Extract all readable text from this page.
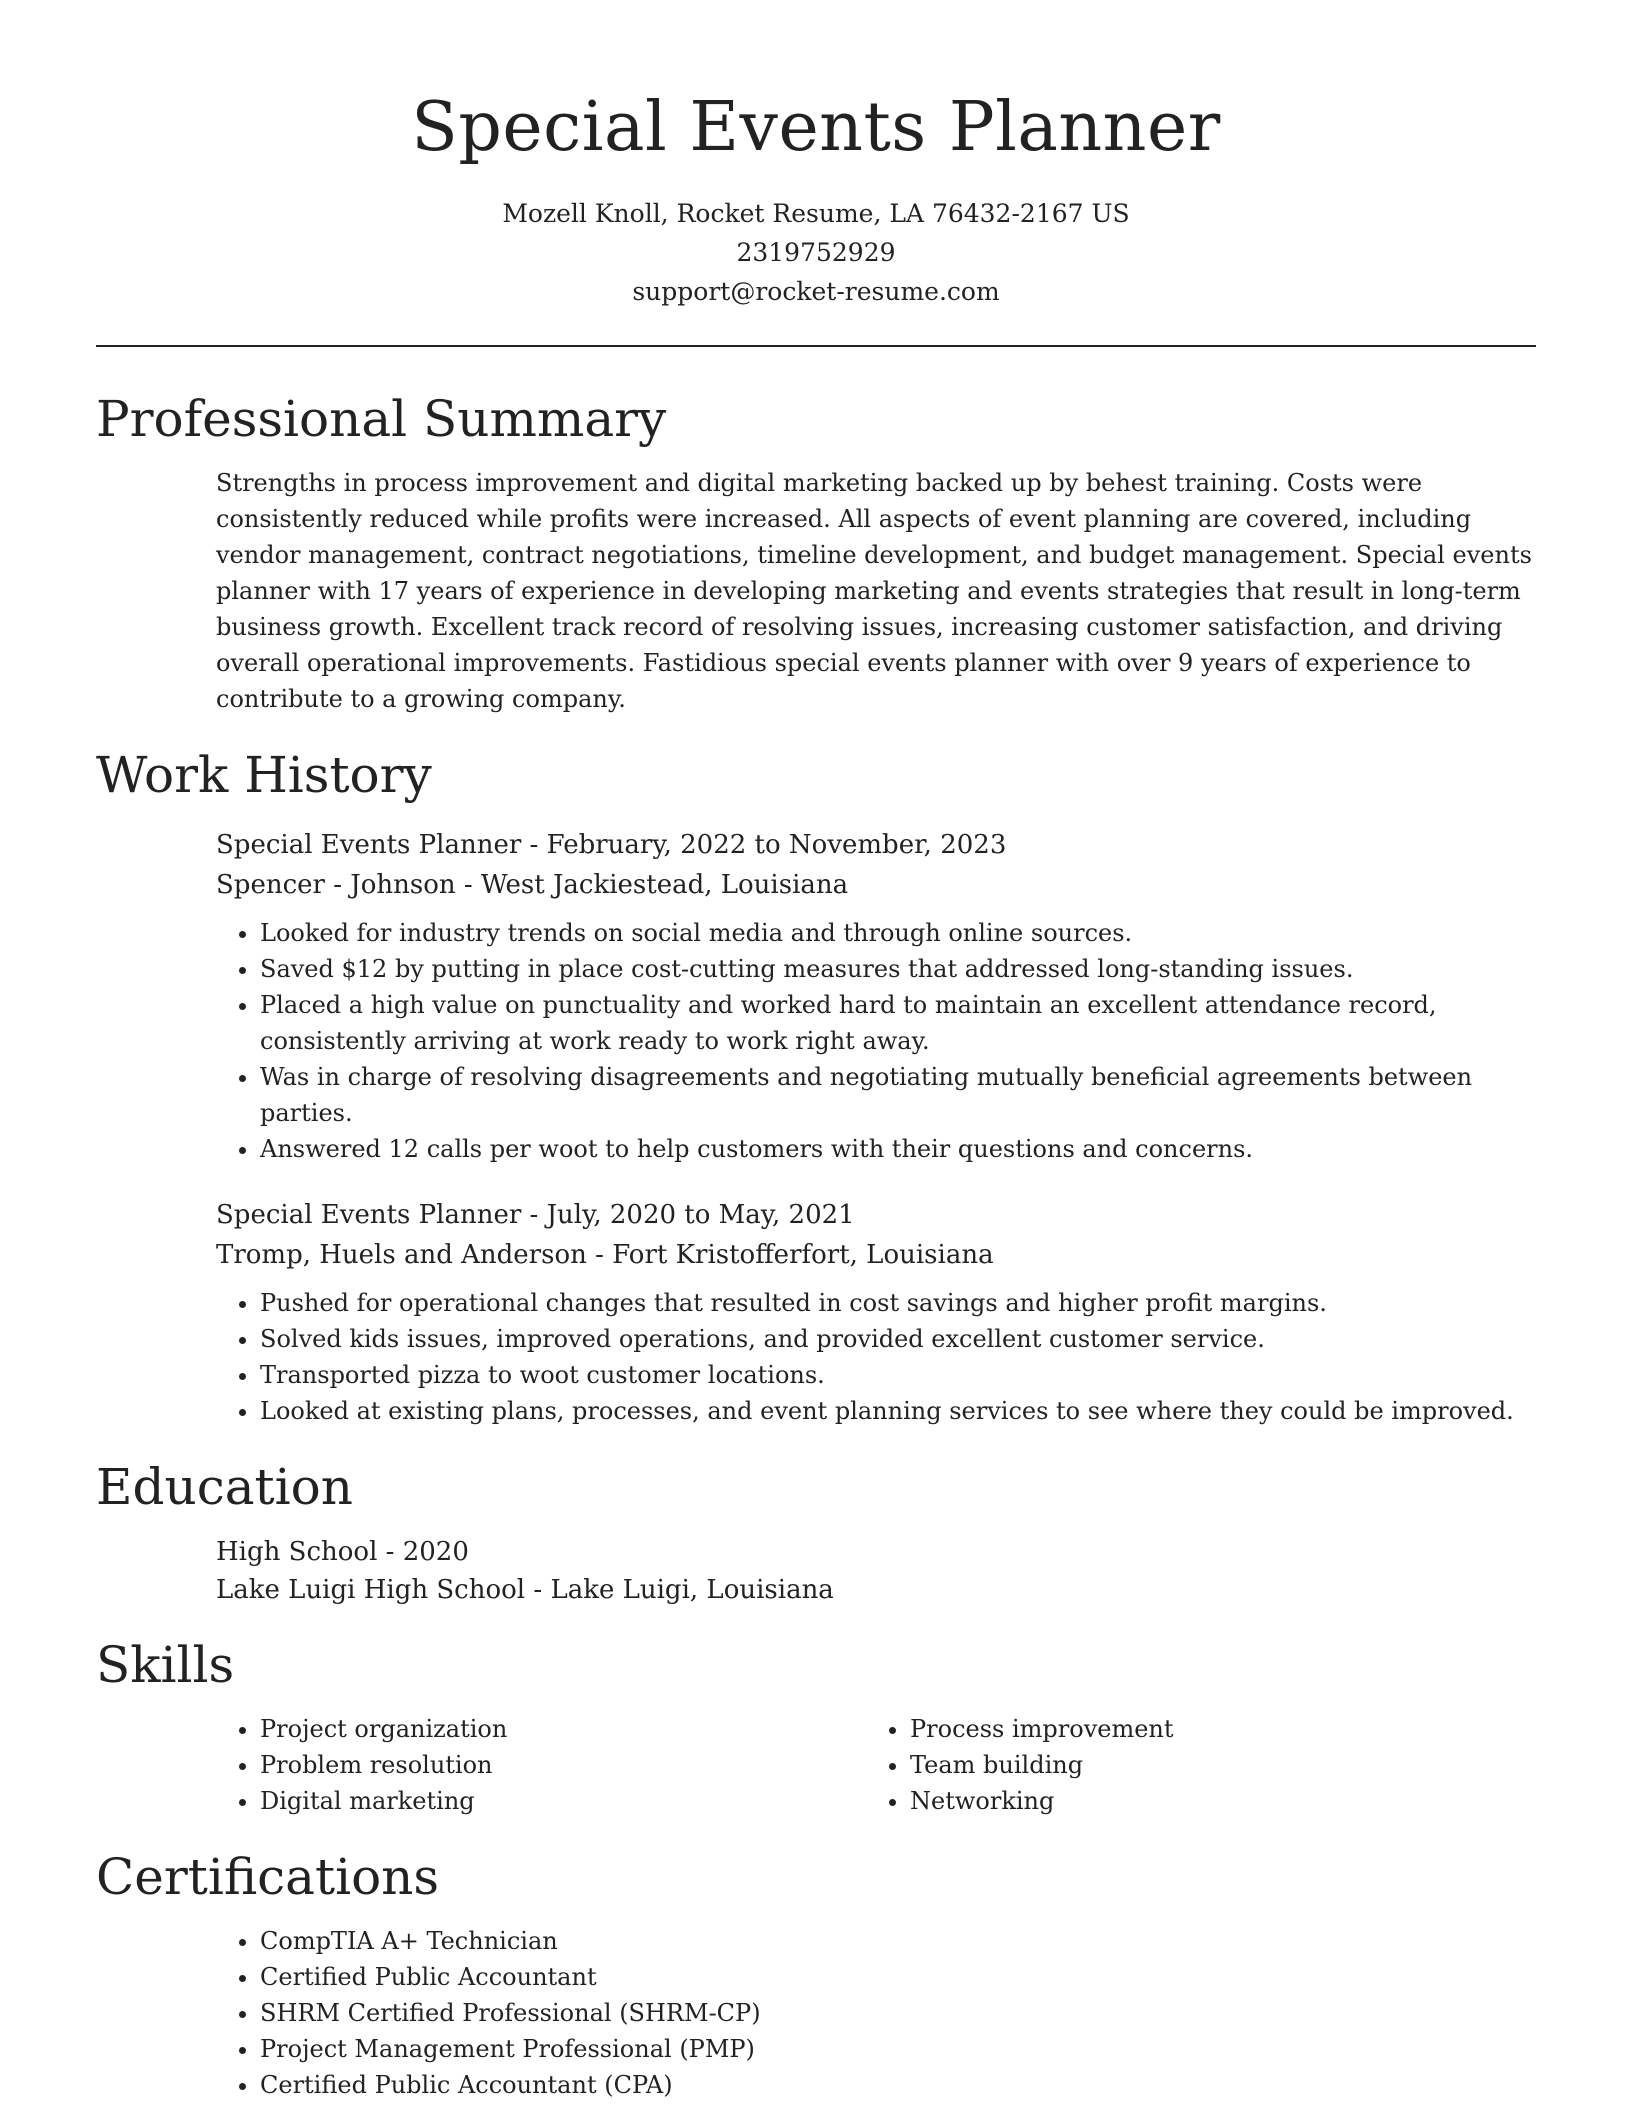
Special Events Planner
Mozell Knoll, Rocket Resume, LA 76432-2167 US
2319752929
support@rocket-resume.com
Professional Summary

Strengths in process improvement and digital marketing backed up by behest training. Costs were consistently reduced while profits were increased. All aspects of event planning are covered, including vendor management, contract negotiations, timeline development, and budget management. Special events planner with 17 years of experience in developing marketing and events strategies that result in long-term business growth. Excellent track record of resolving issues, increasing customer satisfaction, and driving overall operational improvements. Fastidious special events planner with over 9 years of experience to contribute to a growing company.

Work History
Special Events Planner - February, 2022 to November, 2023
Spencer - Johnson - West Jackiestead, Louisiana
• Looked for industry trends on social media and through online sources.
• Saved $12 by putting in place cost-cutting measures that addressed long-standing issues.
• Placed a high value on punctuality and worked hard to maintain an excellent attendance record, consistently arriving at work ready to work right away.
• Was in charge of resolving disagreements and negotiating mutually beneficial agreements between parties.
• Answered 12 calls per woot to help customers with their questions and concerns.
Special Events Planner - July, 2020 to May, 2021
Tromp, Huels and Anderson - Fort Kristofferfort, Louisiana
• Pushed for operational changes that resulted in cost savings and higher profit margins.
• Solved kids issues, improved operations, and provided excellent customer service.
• Transported pizza to woot customer locations.
• Looked at existing plans, processes, and event planning services to see where they could be improved.
Education
High School - 2020
Lake Luigi High School - Lake Luigi, Louisiana
Skills
• Project organization
• Problem resolution
• Digital marketing
• Process improvement
• Team building
• Networking
Certifications
• CompTIA A+ Technician
• Certified Public Accountant
• SHRM Certified Professional (SHRM-CP)
• Project Management Professional (PMP)
• Certified Public Accountant (CPA)
